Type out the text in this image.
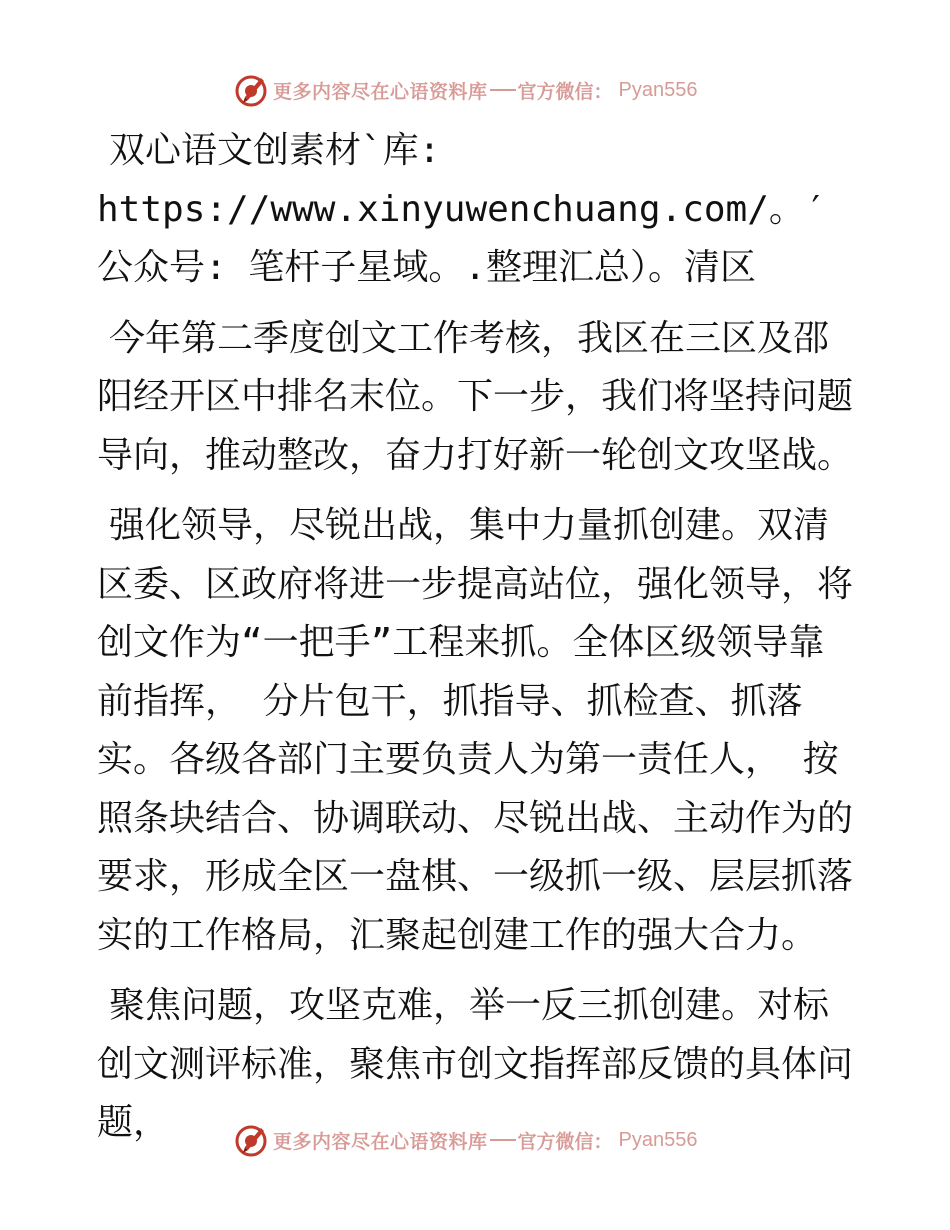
更多内容尽在心语资料库 官方微信： Pyan556

双心语文创素材`库: https://www.xinyuwenchuang.com/。′公众号: 笔杆子星域。.整理汇总）。清区

今年第二季度创文工作考核，我区在三区及邵阳经开区中排名末位。下一步，我们将坚持问题导向，推动整改，奋力打好新一轮创文攻坚战。

强化领导，尽锐出战，集中力量抓创建。双清区委、区政府将进一步提高站位，强化领导，将创文作为“一把手”工程来抓。全体区级领导靠前指挥， 分片包干，抓指导、抓检查、抓落实。各级各部门主要负责人为第一责任人， 按照条块结合、协调联动、尽锐出战、主动作为的要求，形成全区一盘棋、一级抓一级、层层抓落实的工作格局，汇聚起创建工作的强大合力。

聚焦问题，攻坚克难，举一反三抓创建。对标创文测评标准，聚焦市创文指挥部反馈的具体问题，	更多内容尽在心语资料库 官方微信： Pyan556
